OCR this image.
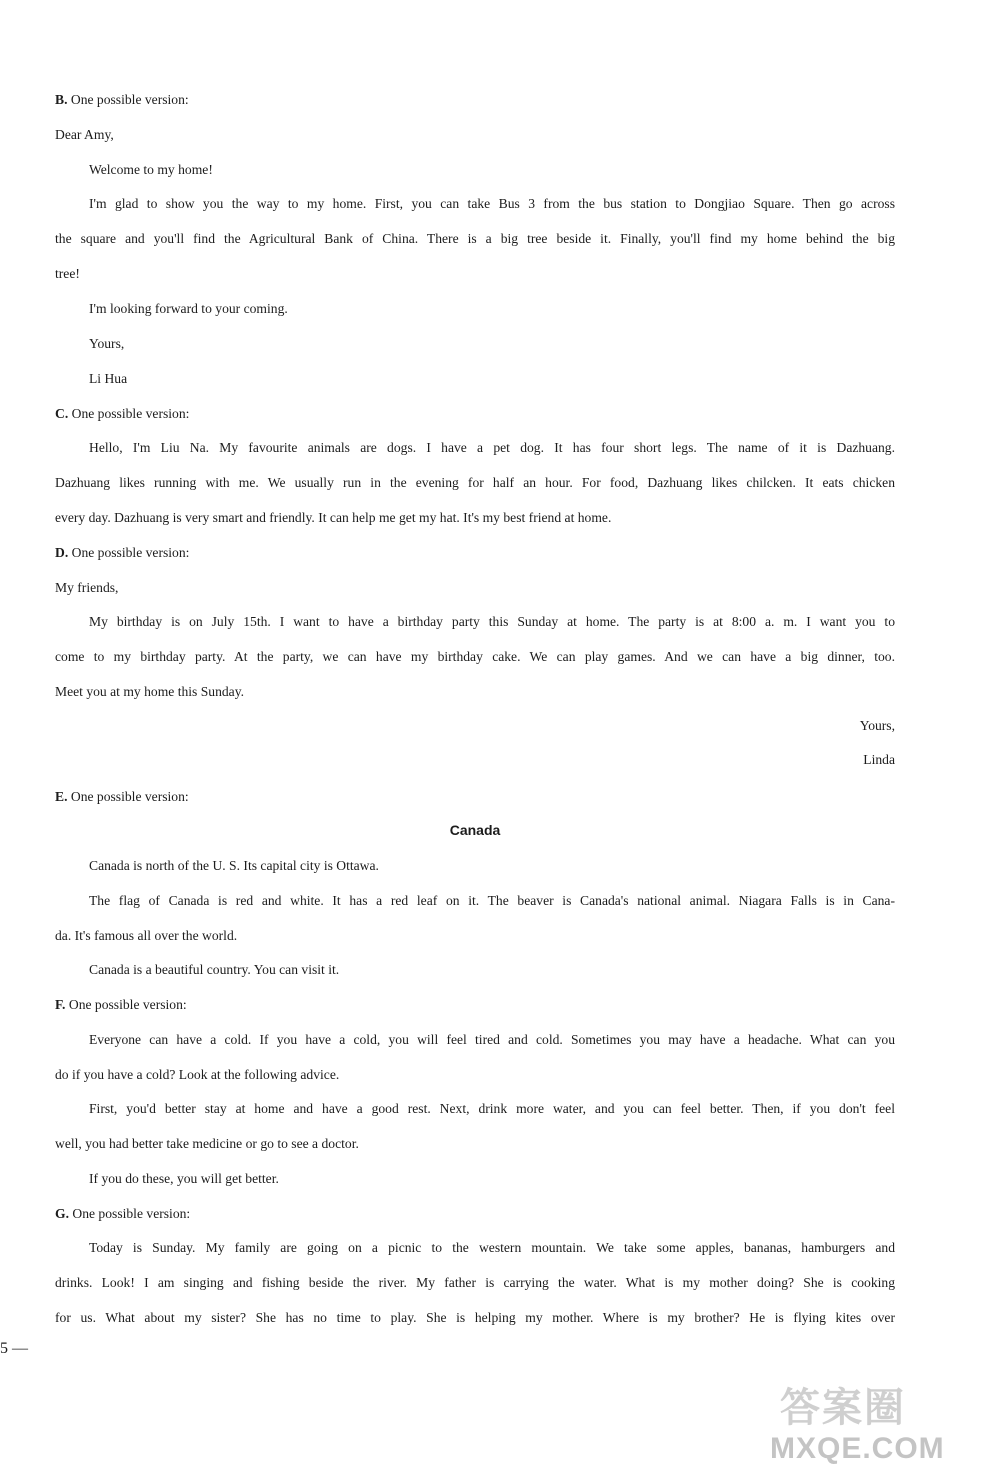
B. One possible version:
Dear Amy,
Welcome to my home!
I'm glad to show you the way to my home. First, you can take Bus 3 from the bus station to Dongjiao Square. Then go across
the square and you'll find the Agricultural Bank of China. There is a big tree beside it. Finally, you'll find my home behind the big
tree!
I'm looking forward to your coming.
Yours,
Li Hua
C. One possible version:
Hello, I'm Liu Na. My favourite animals are dogs. I have a pet dog. It has four short legs. The name of it is Dazhuang.
Dazhuang likes running with me. We usually run in the evening for half an hour. For food, Dazhuang likes chilcken. It eats chicken
every day. Dazhuang is very smart and friendly. It can help me get my hat. It's my best friend at home.
D. One possible version:
My friends,
My birthday is on July 15th. I want to have a birthday party this Sunday at home. The party is at 8:00 a. m. I want you to
come to my birthday party. At the party, we can have my birthday cake. We can play games. And we can have a big dinner, too.
Meet you at my home this Sunday.
Yours,
Linda
E. One possible version:
Canada
Canada is north of the U. S. Its capital city is Ottawa.
The flag of Canada is red and white. It has a red leaf on it. The beaver is Canada's national animal. Niagara Falls is in Cana-
da. It's famous all over the world.
Canada is a beautiful country. You can visit it.
F. One possible version:
Everyone can have a cold. If you have a cold, you will feel tired and cold. Sometimes you may have a headache. What can you
do if you have a cold? Look at the following advice.
First, you'd better stay at home and have a good rest. Next, drink more water, and you can feel better. Then, if you don't feel
well, you had better take medicine or go to see a doctor.
If you do these, you will get better.
G. One possible version:
Today is Sunday. My family are going on a picnic to the western mountain. We take some apples, bananas, hamburgers and
drinks. Look! I am singing and fishing beside the river. My father is carrying the water. What is my mother doing? She is cooking
for us. What about my sister? She has no time to play. She is helping my mother. Where is my brother? He is flying kites over
5 —
答案圈
MXQE.COM
